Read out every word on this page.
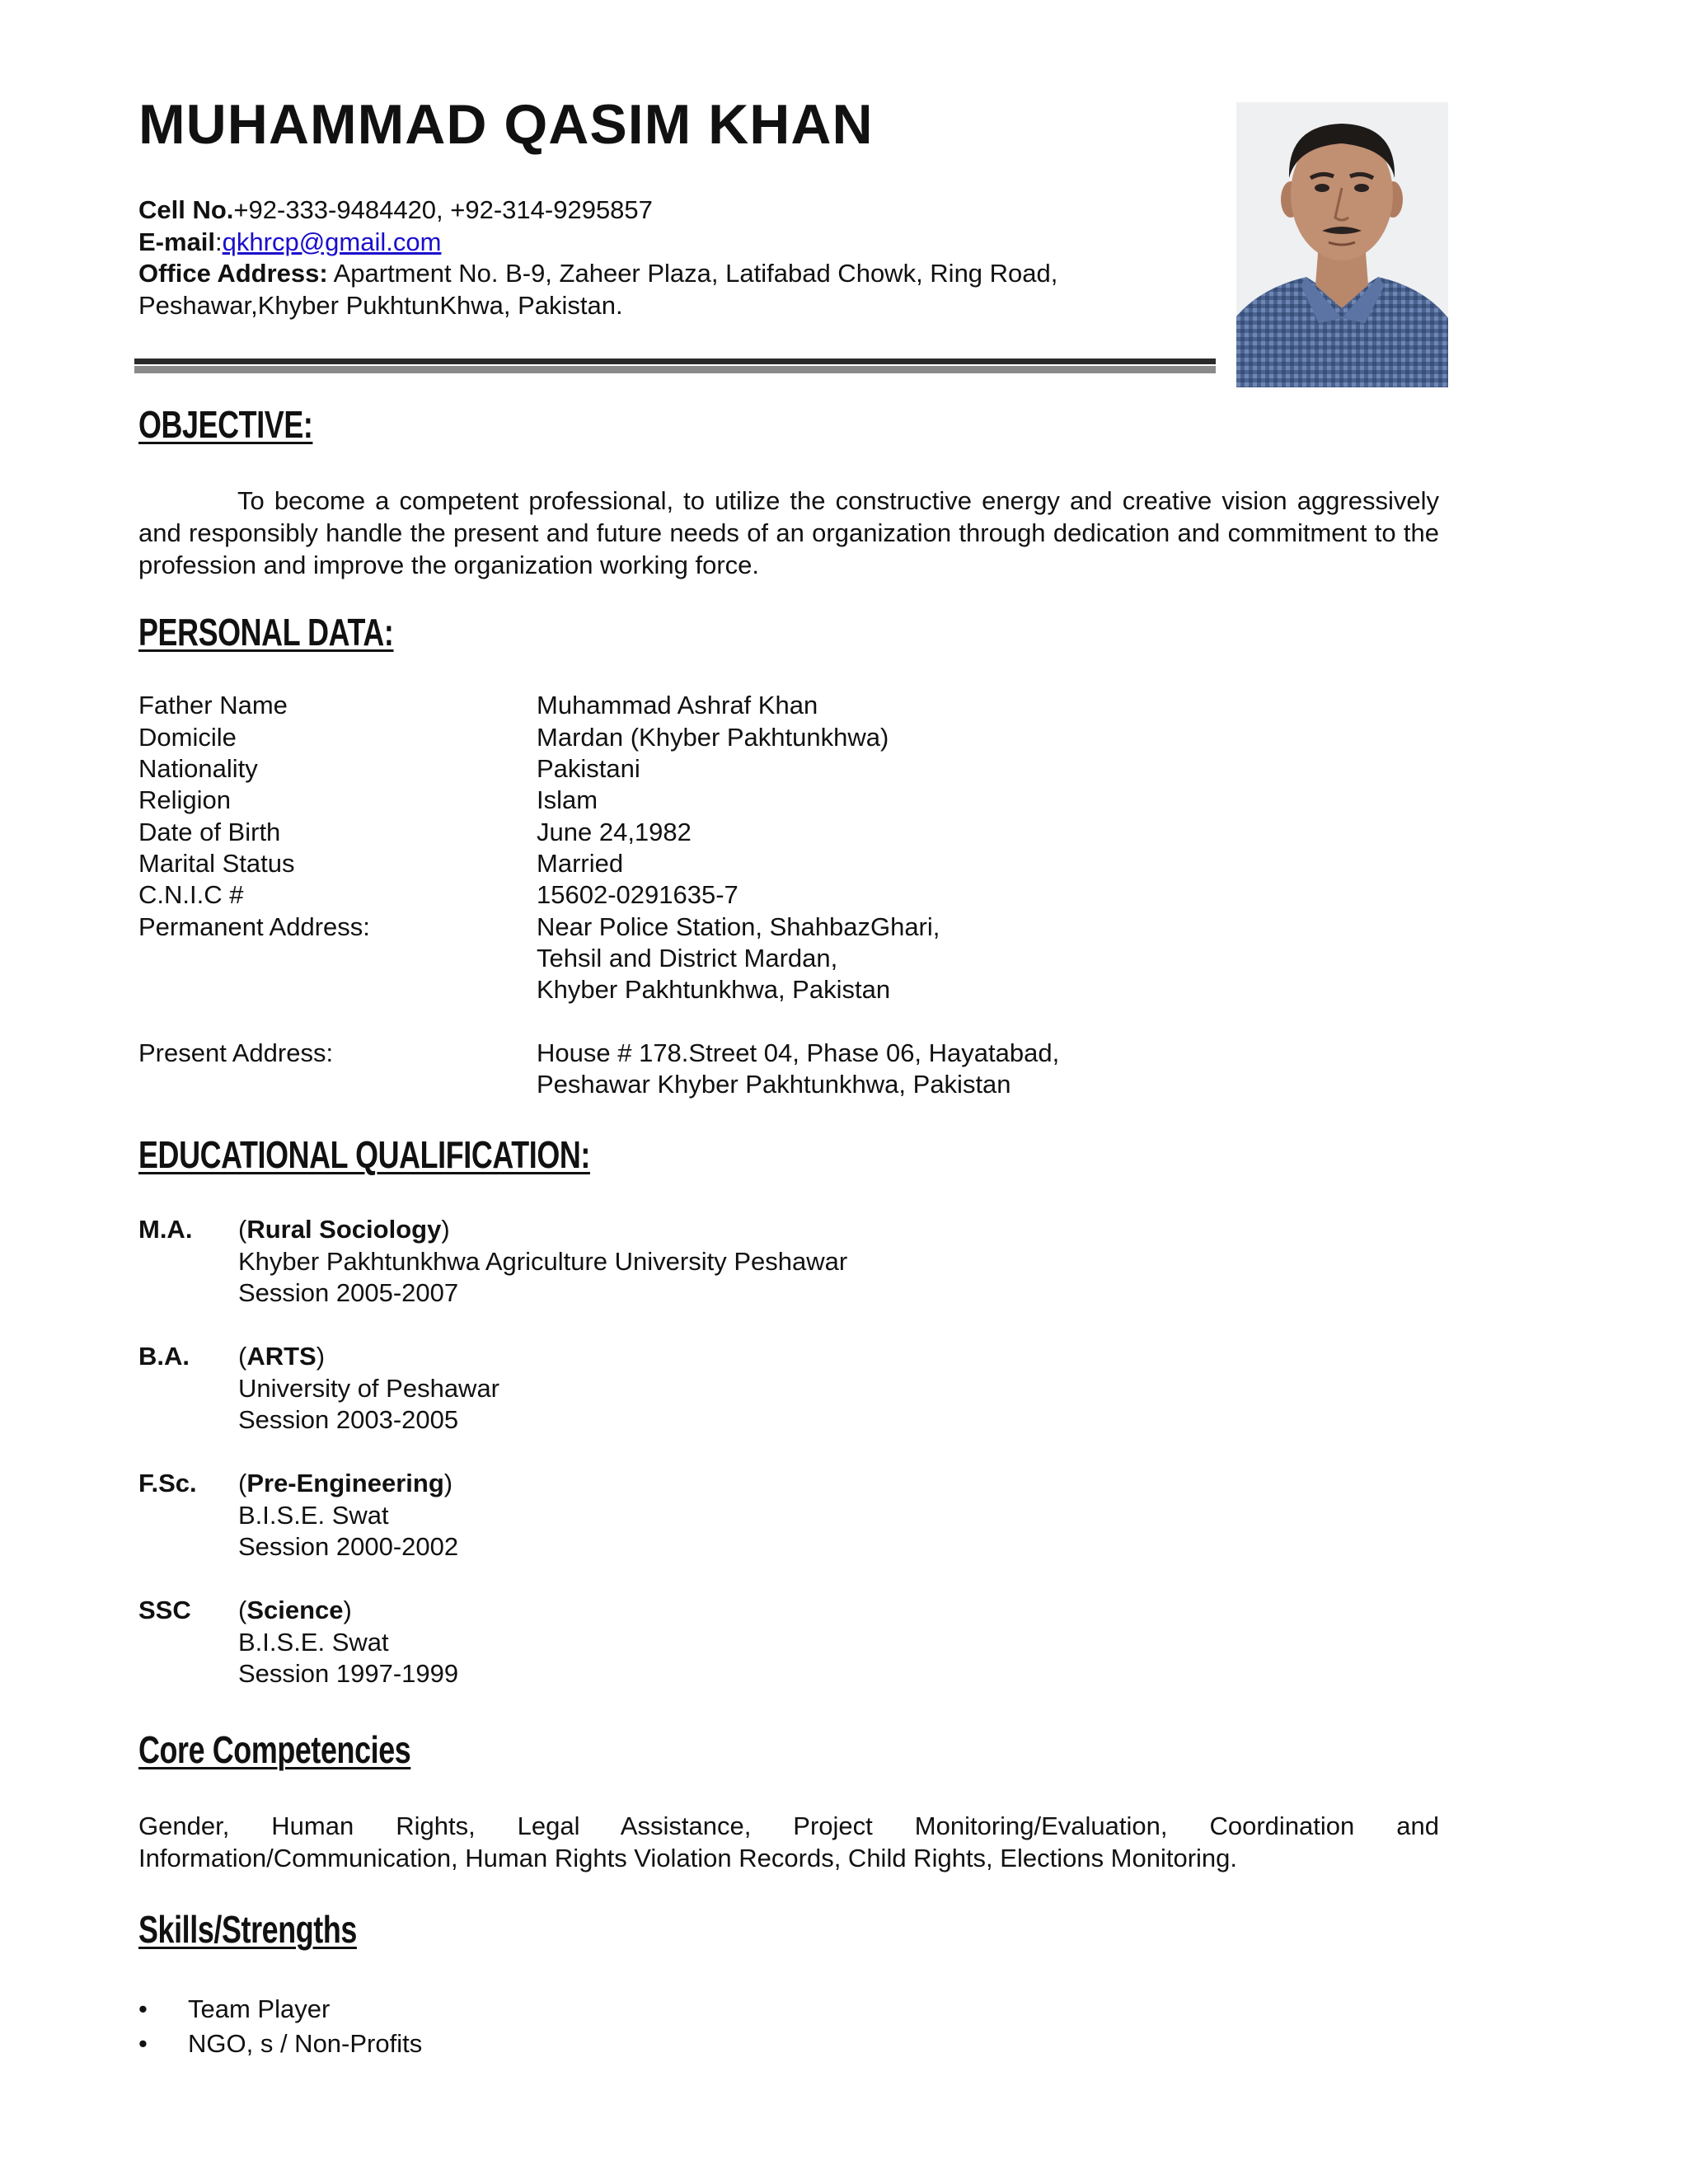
MUHAMMAD QASIM KHAN
Cell No.+92-333-9484420, +92-314-9295857
E-mail:qkhrcp@gmail.com
Office Address: Apartment No. B-9, Zaheer Plaza, Latifabad Chowk, Ring Road,
Peshawar,Khyber PukhtunKhwa, Pakistan.
OBJECTIVE:

To become a competent professional, to utilize the constructive energy and creative vision aggressively and responsibly handle the present and future needs of an organization through dedication and commitment to the profession and improve the organization working force.

PERSONAL DATA:
Father Name	Muhammad Ashraf Khan
Domicile	Mardan (Khyber Pakhtunkhwa)
Nationality	Pakistani
Religion	Islam
Date of Birth	June 24,1982
Marital Status	Married
C.N.I.C #	15602-0291635-7
Permanent Address:	Near Police Station, ShahbazGhari,
Tehsil and District Mardan,
Khyber Pakhtunkhwa, Pakistan
Present Address:	House # 178.Street 04, Phase 06, Hayatabad,
Peshawar Khyber Pakhtunkhwa, Pakistan
EDUCATIONAL QUALIFICATION:
M.A. (Rural Sociology)
Khyber Pakhtunkhwa Agriculture University Peshawar
Session 2005-2007
B.A. (ARTS)
University of Peshawar
Session 2003-2005
F.Sc. (Pre-Engineering)
B.I.S.E. Swat
Session 2000-2002
SSC (Science)
B.I.S.E. Swat
Session 1997-1999
Core Competencies

Gender, Human Rights, Legal Assistance, Project Monitoring/Evaluation, Coordination and Information/Communication, Human Rights Violation Records, Child Rights, Elections Monitoring.

Skills/Strengths
• Team Player
• NGO, s / Non-Profits
